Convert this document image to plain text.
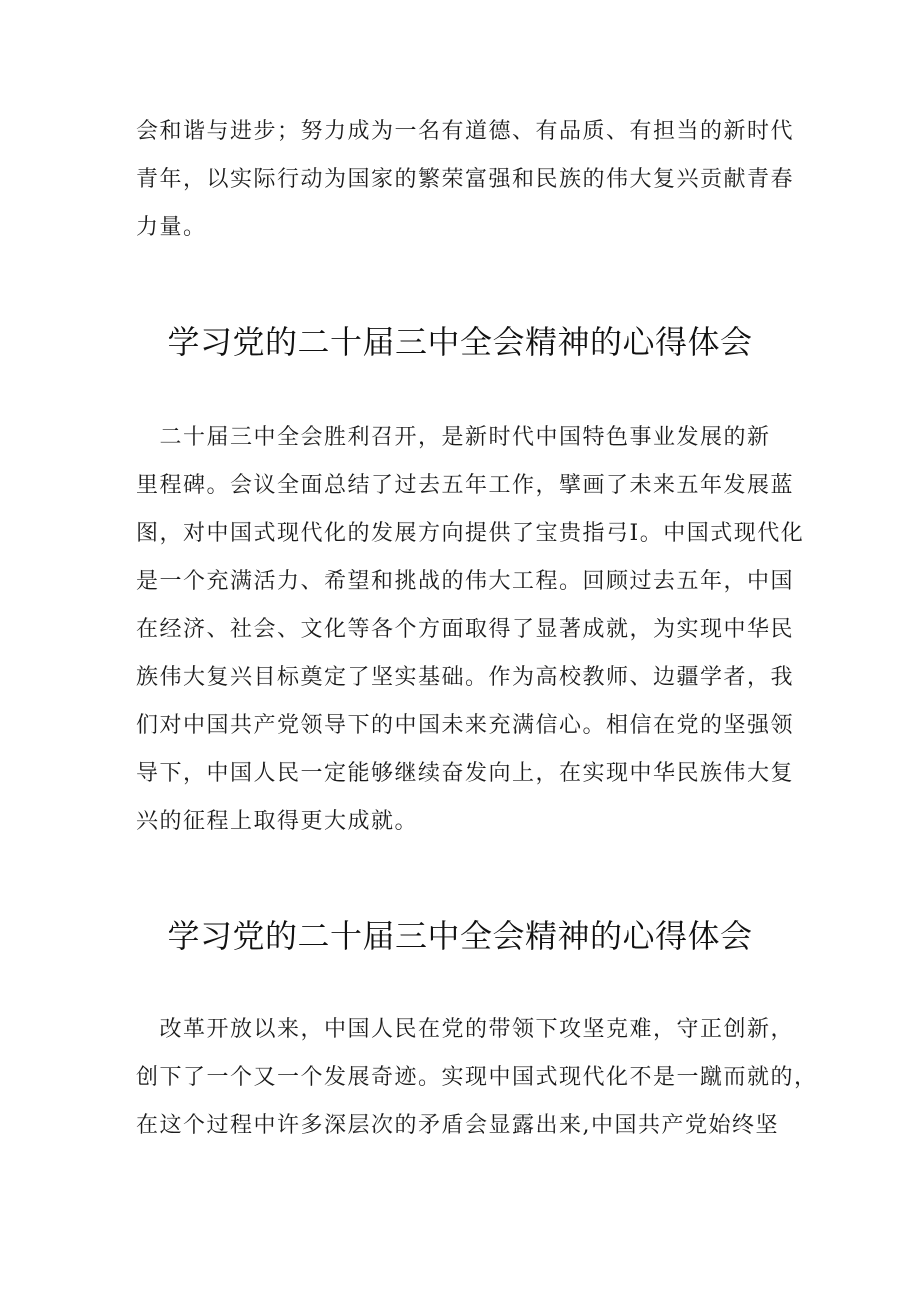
会和谐与进步；努力成为一名有道德、有品质、有担当的新时代
青年，以实际行动为国家的繁荣富强和民族的伟大复兴贡献青春
力量。
学习党的二十届三中全会精神的心得体会
　二十届三中全会胜利召开，是新时代中国特色事业发展的新
里程碑。会议全面总结了过去五年工作，擘画了未来五年发展蓝
图，对中国式现代化的发展方向提供了宝贵指弓I。中国式现代化
是一个充满活力、希望和挑战的伟大工程。回顾过去五年，中国
在经济、社会、文化等各个方面取得了显著成就，为实现中华民
族伟大复兴目标奠定了坚实基础。作为高校教师、边疆学者，我
们对中国共产党领导下的中国未来充满信心。相信在党的坚强领
导下，中国人民一定能够继续奋发向上，在实现中华民族伟大复
兴的征程上取得更大成就。
学习党的二十届三中全会精神的心得体会
　改革开放以来，中国人民在党的带领下攻坚克难，守正创新，
创下了一个又一个发展奇迹。实现中国式现代化不是一蹴而就的，
在这个过程中许多深层次的矛盾会显露出来,中国共产党始终坚
